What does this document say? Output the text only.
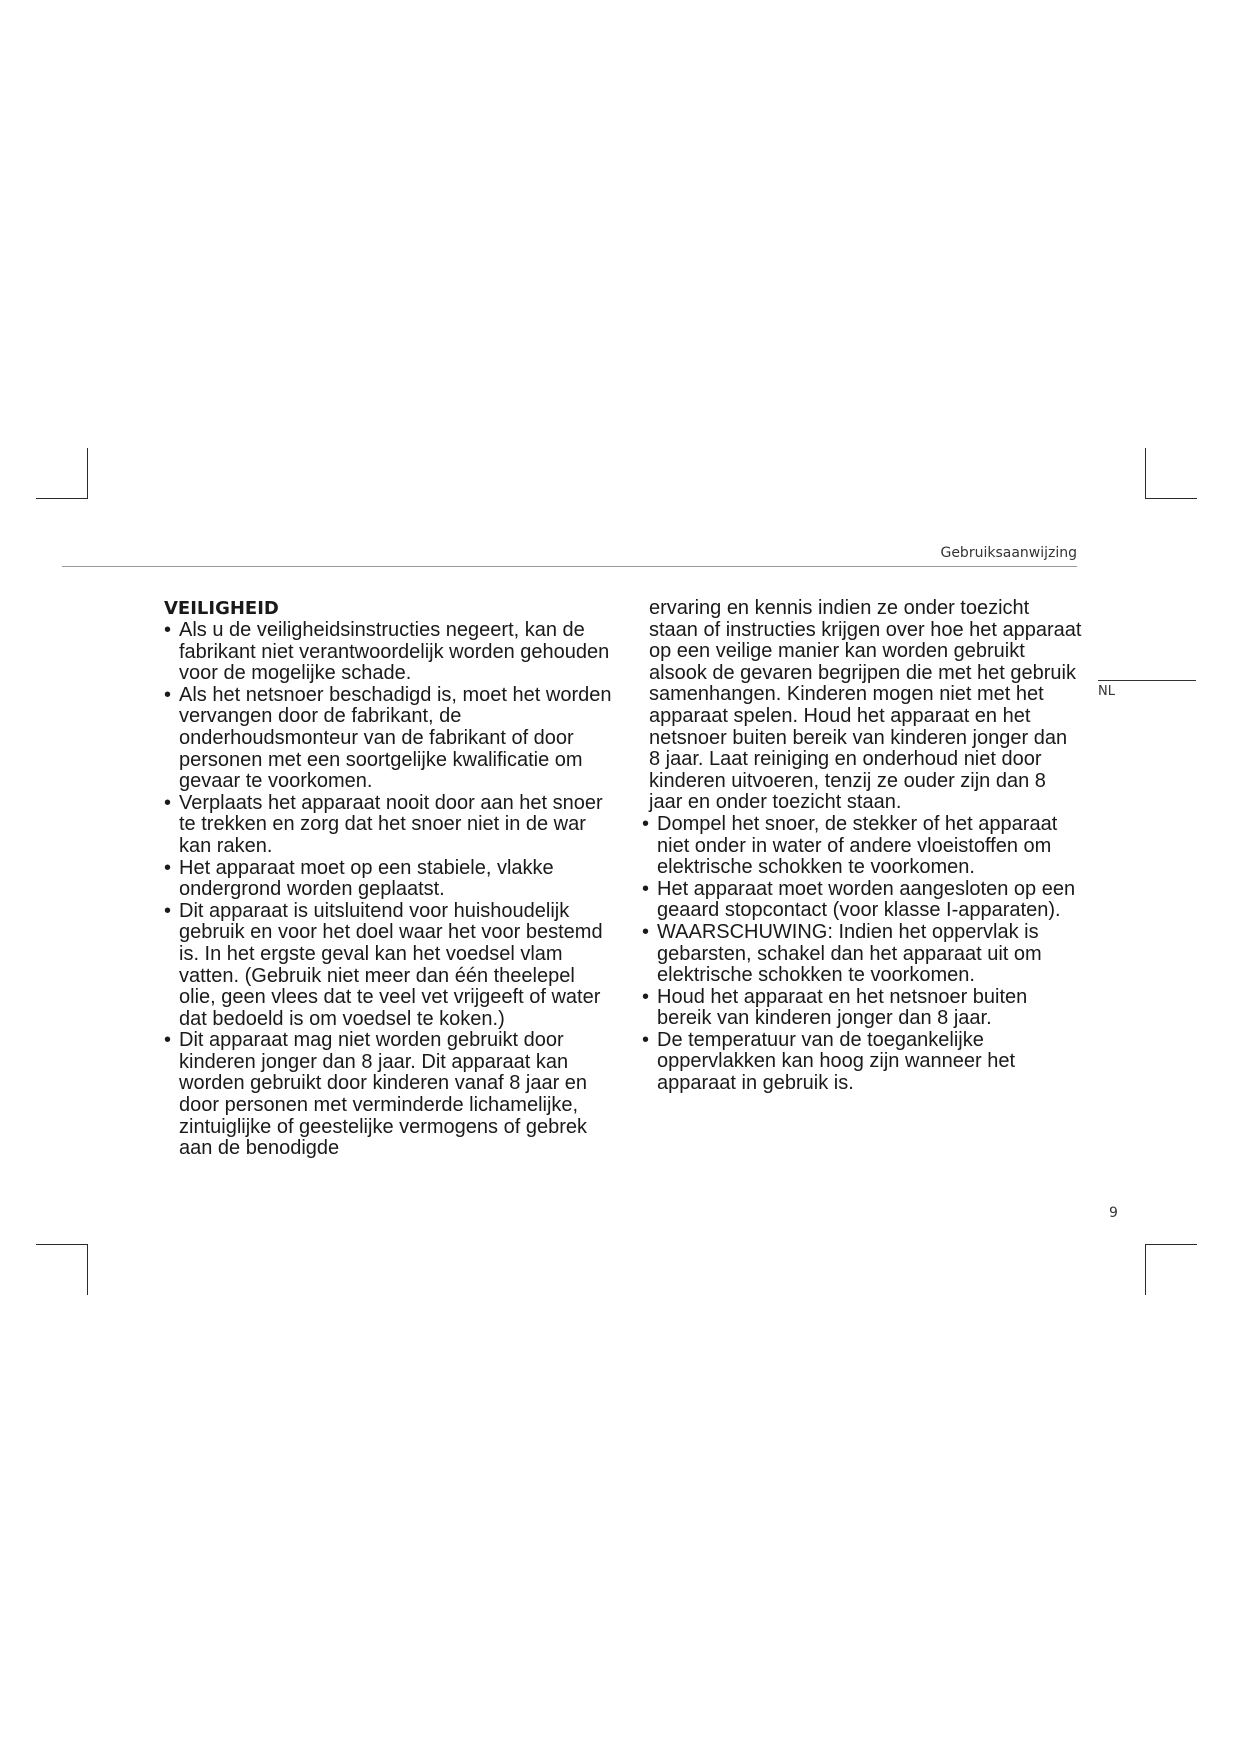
Gebruiksaanwijzing
NL
VEILIGHEID
• Als u de veiligheidsinstructies negeert, kan de fabrikant niet verantwoordelijk worden gehouden voor de mogelijke schade.
• Als het netsnoer beschadigd is, moet het worden vervangen door de fabrikant, de onderhoudsmonteur van de fabrikant of door personen met een soortgelijke kwalificatie om gevaar te voorkomen.
• Verplaats het apparaat nooit door aan het snoer te trekken en zorg dat het snoer niet in de war kan raken.
• Het apparaat moet op een stabiele, vlakke ondergrond worden geplaatst.
• Dit apparaat is uitsluitend voor huishoudelijk gebruik en voor het doel waar het voor bestemd is. In het ergste geval kan het voedsel vlam vatten. (Gebruik niet meer dan één theelepel olie, geen vlees dat te veel vet vrijgeeft of water dat bedoeld is om voedsel te koken.)
• Dit apparaat mag niet worden gebruikt door kinderen jonger dan 8 jaar. Dit apparaat kan worden gebruikt door kinderen vanaf 8 jaar en door personen met verminderde lichamelijke, zintuiglijke of geestelijke vermogens of gebrek aan de benodigde

ervaring en kennis indien ze onder toezicht staan of instructies krijgen over hoe het apparaat op een veilige manier kan worden gebruikt alsook de gevaren begrijpen die met het gebruik samenhangen. Kinderen mogen niet met het apparaat spelen. Houd het apparaat en het netsnoer buiten bereik van kinderen jonger dan 8 jaar. Laat reiniging en onderhoud niet door kinderen uitvoeren, tenzij ze ouder zijn dan 8 jaar en onder toezicht staan.

• Dompel het snoer, de stekker of het apparaat niet onder in water of andere vloeistoffen om elektrische schokken te voorkomen.
• Het apparaat moet worden aangesloten op een geaard stopcontact (voor klasse I-apparaten).
• WAARSCHUWING: Indien het oppervlak is gebarsten, schakel dan het apparaat uit om elektrische schokken te voorkomen.
• Houd het apparaat en het netsnoer buiten bereik van kinderen jonger dan 8 jaar.
• De temperatuur van de toegankelijke oppervlakken kan hoog zijn wanneer het apparaat in gebruik is.
9
